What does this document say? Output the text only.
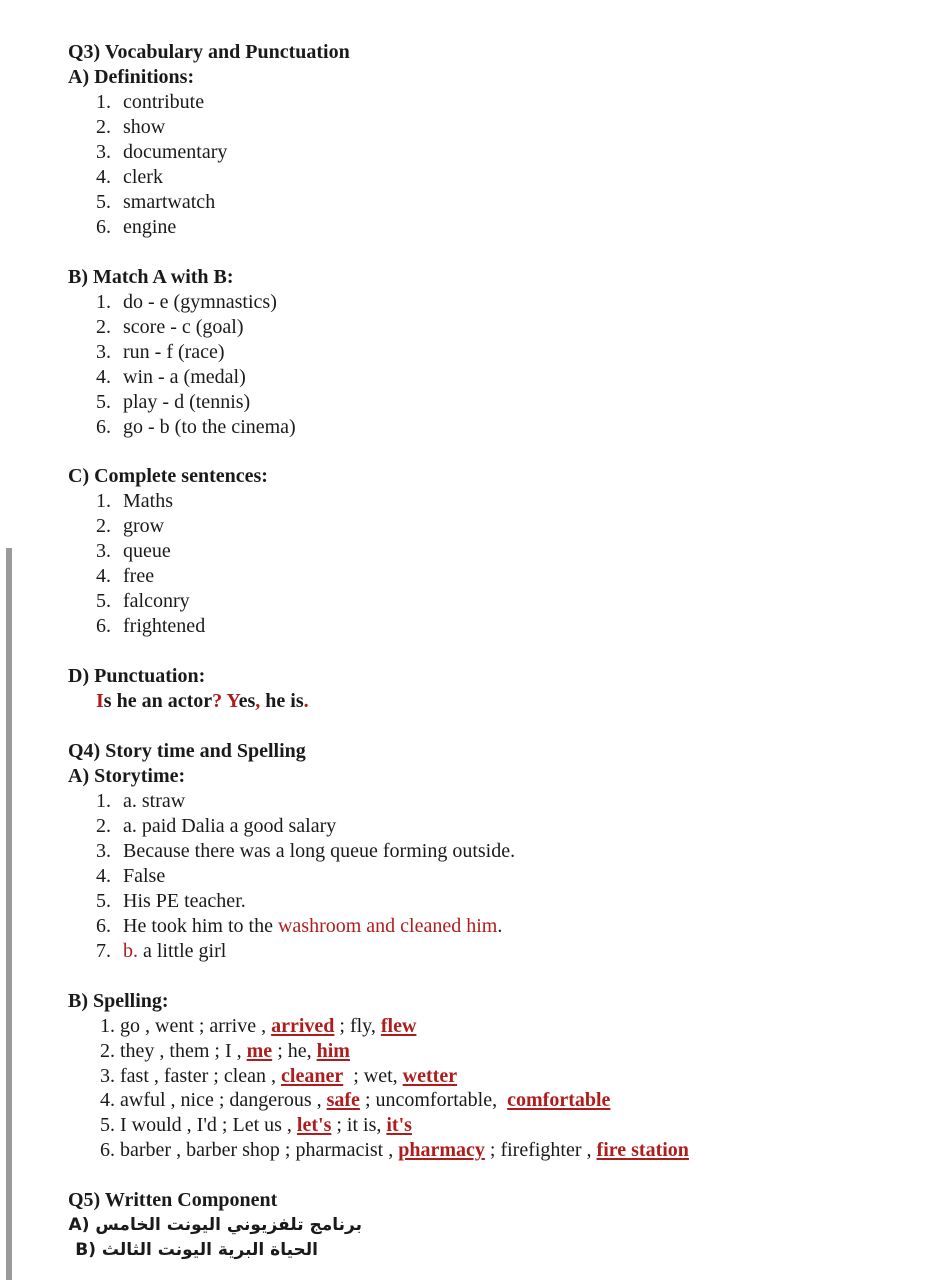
Q3) Vocabulary and Punctuation
A) Definitions:
1. contribute
2. show
3. documentary
4. clerk
5. smartwatch
6. engine
B) Match A with B:
1. do - e (gymnastics)
2. score - c (goal)
3. run - f (race)
4. win - a (medal)
5. play - d (tennis)
6. go - b (to the cinema)
C) Complete sentences:
1. Maths
2. grow
3. queue
4. free
5. falconry
6. frightened
D) Punctuation:
Is he an actor? Yes, he is.
Q4) Story time and Spelling
A) Storytime:
1. a. straw
2. a. paid Dalia a good salary
3. Because there was a long queue forming outside.
4. False
5. His PE teacher.
6. He took him to the washroom and cleaned him.
7. b. a little girl
B) Spelling:
1. go , went ; arrive , arrived ; fly, flew
2. they , them ; I , me ; he, him
3. fast , faster ; clean , cleaner  ; wet, wetter
4. awful , nice ; dangerous , safe ; uncomfortable,  comfortable
5. I would , I'd ; Let us , let's ; it is, it's
6. barber , barber shop ; pharmacist , pharmacy ; firefighter , fire station
Q5) Written Component
برنامج تلفزيوني اليونت الخامس (A
الحياة البرية اليونت الثالث (B
